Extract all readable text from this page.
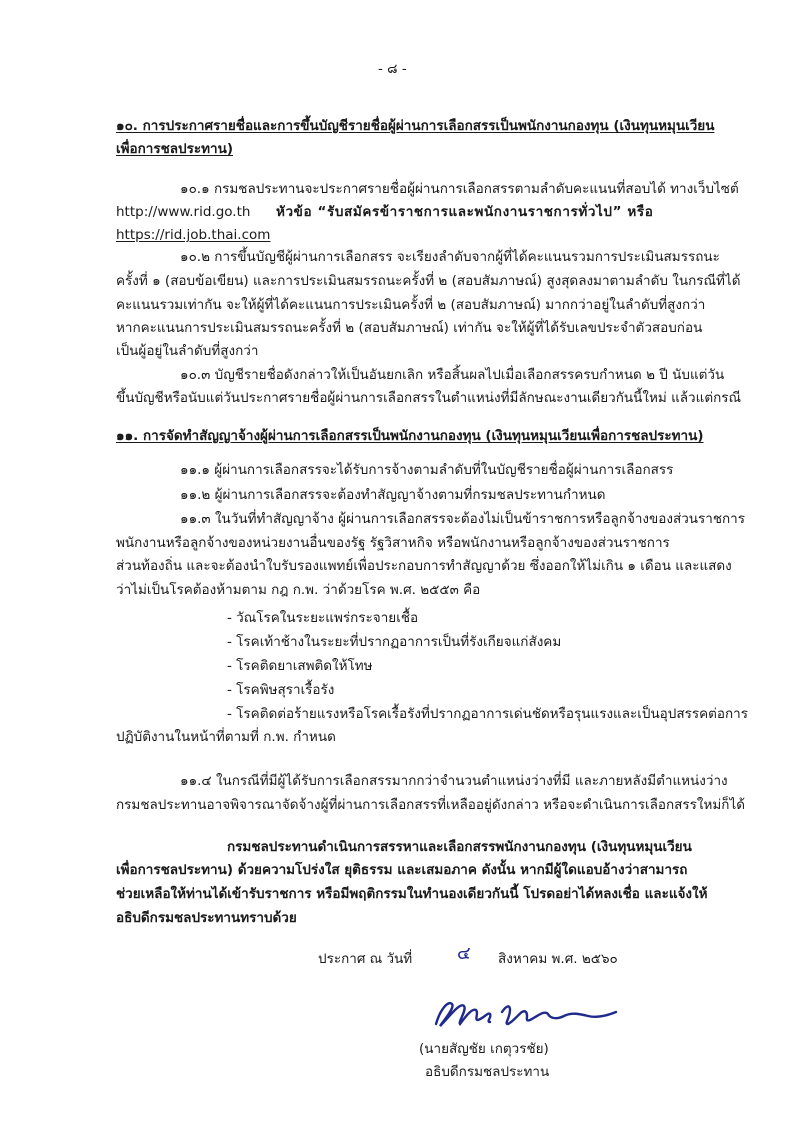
- ๘ -
๑๐. การประกาศรายชื่อและการขึ้นบัญชีรายชื่อผู้ผ่านการเลือกสรรเป็นพนักงานกองทุน (เงินทุนหมุนเวียน
เพื่อการชลประทาน)
๑๐.๑ กรมชลประทานจะประกาศรายชื่อผู้ผ่านการเลือกสรรตามลำดับคะแนนที่สอบได้ ทางเว็บไซต์
http://www.rid.go.th หัวข้อ “รับสมัครข้าราชการและพนักงานราชการทั่วไป” หรือ
https://rid.job.thai.com
๑๐.๒ การขึ้นบัญชีผู้ผ่านการเลือกสรร จะเรียงลำดับจากผู้ที่ได้คะแนนรวมการประเมินสมรรถนะ
ครั้งที่ ๑ (สอบข้อเขียน) และการประเมินสมรรถนะครั้งที่ ๒ (สอบสัมภาษณ์) สูงสุดลงมาตามลำดับ ในกรณีที่ได้
คะแนนรวมเท่ากัน จะให้ผู้ที่ได้คะแนนการประเมินครั้งที่ ๒ (สอบสัมภาษณ์) มากกว่าอยู่ในลำดับที่สูงกว่า
หากคะแนนการประเมินสมรรถนะครั้งที่ ๒ (สอบสัมภาษณ์) เท่ากัน จะให้ผู้ที่ได้รับเลขประจำตัวสอบก่อน
เป็นผู้อยู่ในลำดับที่สูงกว่า
๑๐.๓ บัญชีรายชื่อดังกล่าวให้เป็นอันยกเลิก หรือสิ้นผลไปเมื่อเลือกสรรครบกำหนด ๒ ปี นับแต่วัน
ขึ้นบัญชีหรือนับแต่วันประกาศรายชื่อผู้ผ่านการเลือกสรรในตำแหน่งที่มีลักษณะงานเดียวกันนี้ใหม่ แล้วแต่กรณี
๑๑. การจัดทำสัญญาจ้างผู้ผ่านการเลือกสรรเป็นพนักงานกองทุน (เงินทุนหมุนเวียนเพื่อการชลประทาน)
๑๑.๑ ผู้ผ่านการเลือกสรรจะได้รับการจ้างตามลำดับที่ในบัญชีรายชื่อผู้ผ่านการเลือกสรร
๑๑.๒ ผู้ผ่านการเลือกสรรจะต้องทำสัญญาจ้างตามที่กรมชลประทานกำหนด
๑๑.๓ ในวันที่ทำสัญญาจ้าง ผู้ผ่านการเลือกสรรจะต้องไม่เป็นข้าราชการหรือลูกจ้างของส่วนราชการ
พนักงานหรือลูกจ้างของหน่วยงานอื่นของรัฐ รัฐวิสาหกิจ หรือพนักงานหรือลูกจ้างของส่วนราชการ
ส่วนท้องถิ่น และจะต้องนำใบรับรองแพทย์เพื่อประกอบการทำสัญญาด้วย ซึ่งออกให้ไม่เกิน ๑ เดือน และแสดง
ว่าไม่เป็นโรคต้องห้ามตาม กฎ ก.พ. ว่าด้วยโรค พ.ศ. ๒๕๕๓ คือ
- วัณโรคในระยะแพร่กระจายเชื้อ
- โรคเท้าช้างในระยะที่ปรากฏอาการเป็นที่รังเกียจแก่สังคม
- โรคติดยาเสพติดให้โทษ
- โรคพิษสุราเรื้อรัง
- โรคติดต่อร้ายแรงหรือโรคเรื้อรังที่ปรากฏอาการเด่นชัดหรือรุนแรงและเป็นอุปสรรคต่อการ
ปฏิบัติงานในหน้าที่ตามที่ ก.พ. กำหนด
๑๑.๔ ในกรณีที่มีผู้ได้รับการเลือกสรรมากกว่าจำนวนตำแหน่งว่างที่มี และภายหลังมีตำแหน่งว่าง
กรมชลประทานอาจพิจารณาจัดจ้างผู้ที่ผ่านการเลือกสรรที่เหลืออยู่ดังกล่าว หรือจะดำเนินการเลือกสรรใหม่ก็ได้
กรมชลประทานดำเนินการสรรหาและเลือกสรรพนักงานกองทุน (เงินทุนหมุนเวียน
เพื่อการชลประทาน) ด้วยความโปร่งใส ยุติธรรม และเสมอภาค ดังนั้น หากมีผู้ใดแอบอ้างว่าสามารถ
ช่วยเหลือให้ท่านได้เข้ารับราชการ หรือมีพฤติกรรมในทำนองเดียวกันนี้ โปรดอย่าได้หลงเชื่อ และแจ้งให้
อธิบดีกรมชลประทานทราบด้วย
ประกาศ ณ วันที่ ๔ สิงหาคม พ.ศ. ๒๕๖๐
(นายสัญชัย เกตุวรชัย)
อธิบดีกรมชลประทาน
